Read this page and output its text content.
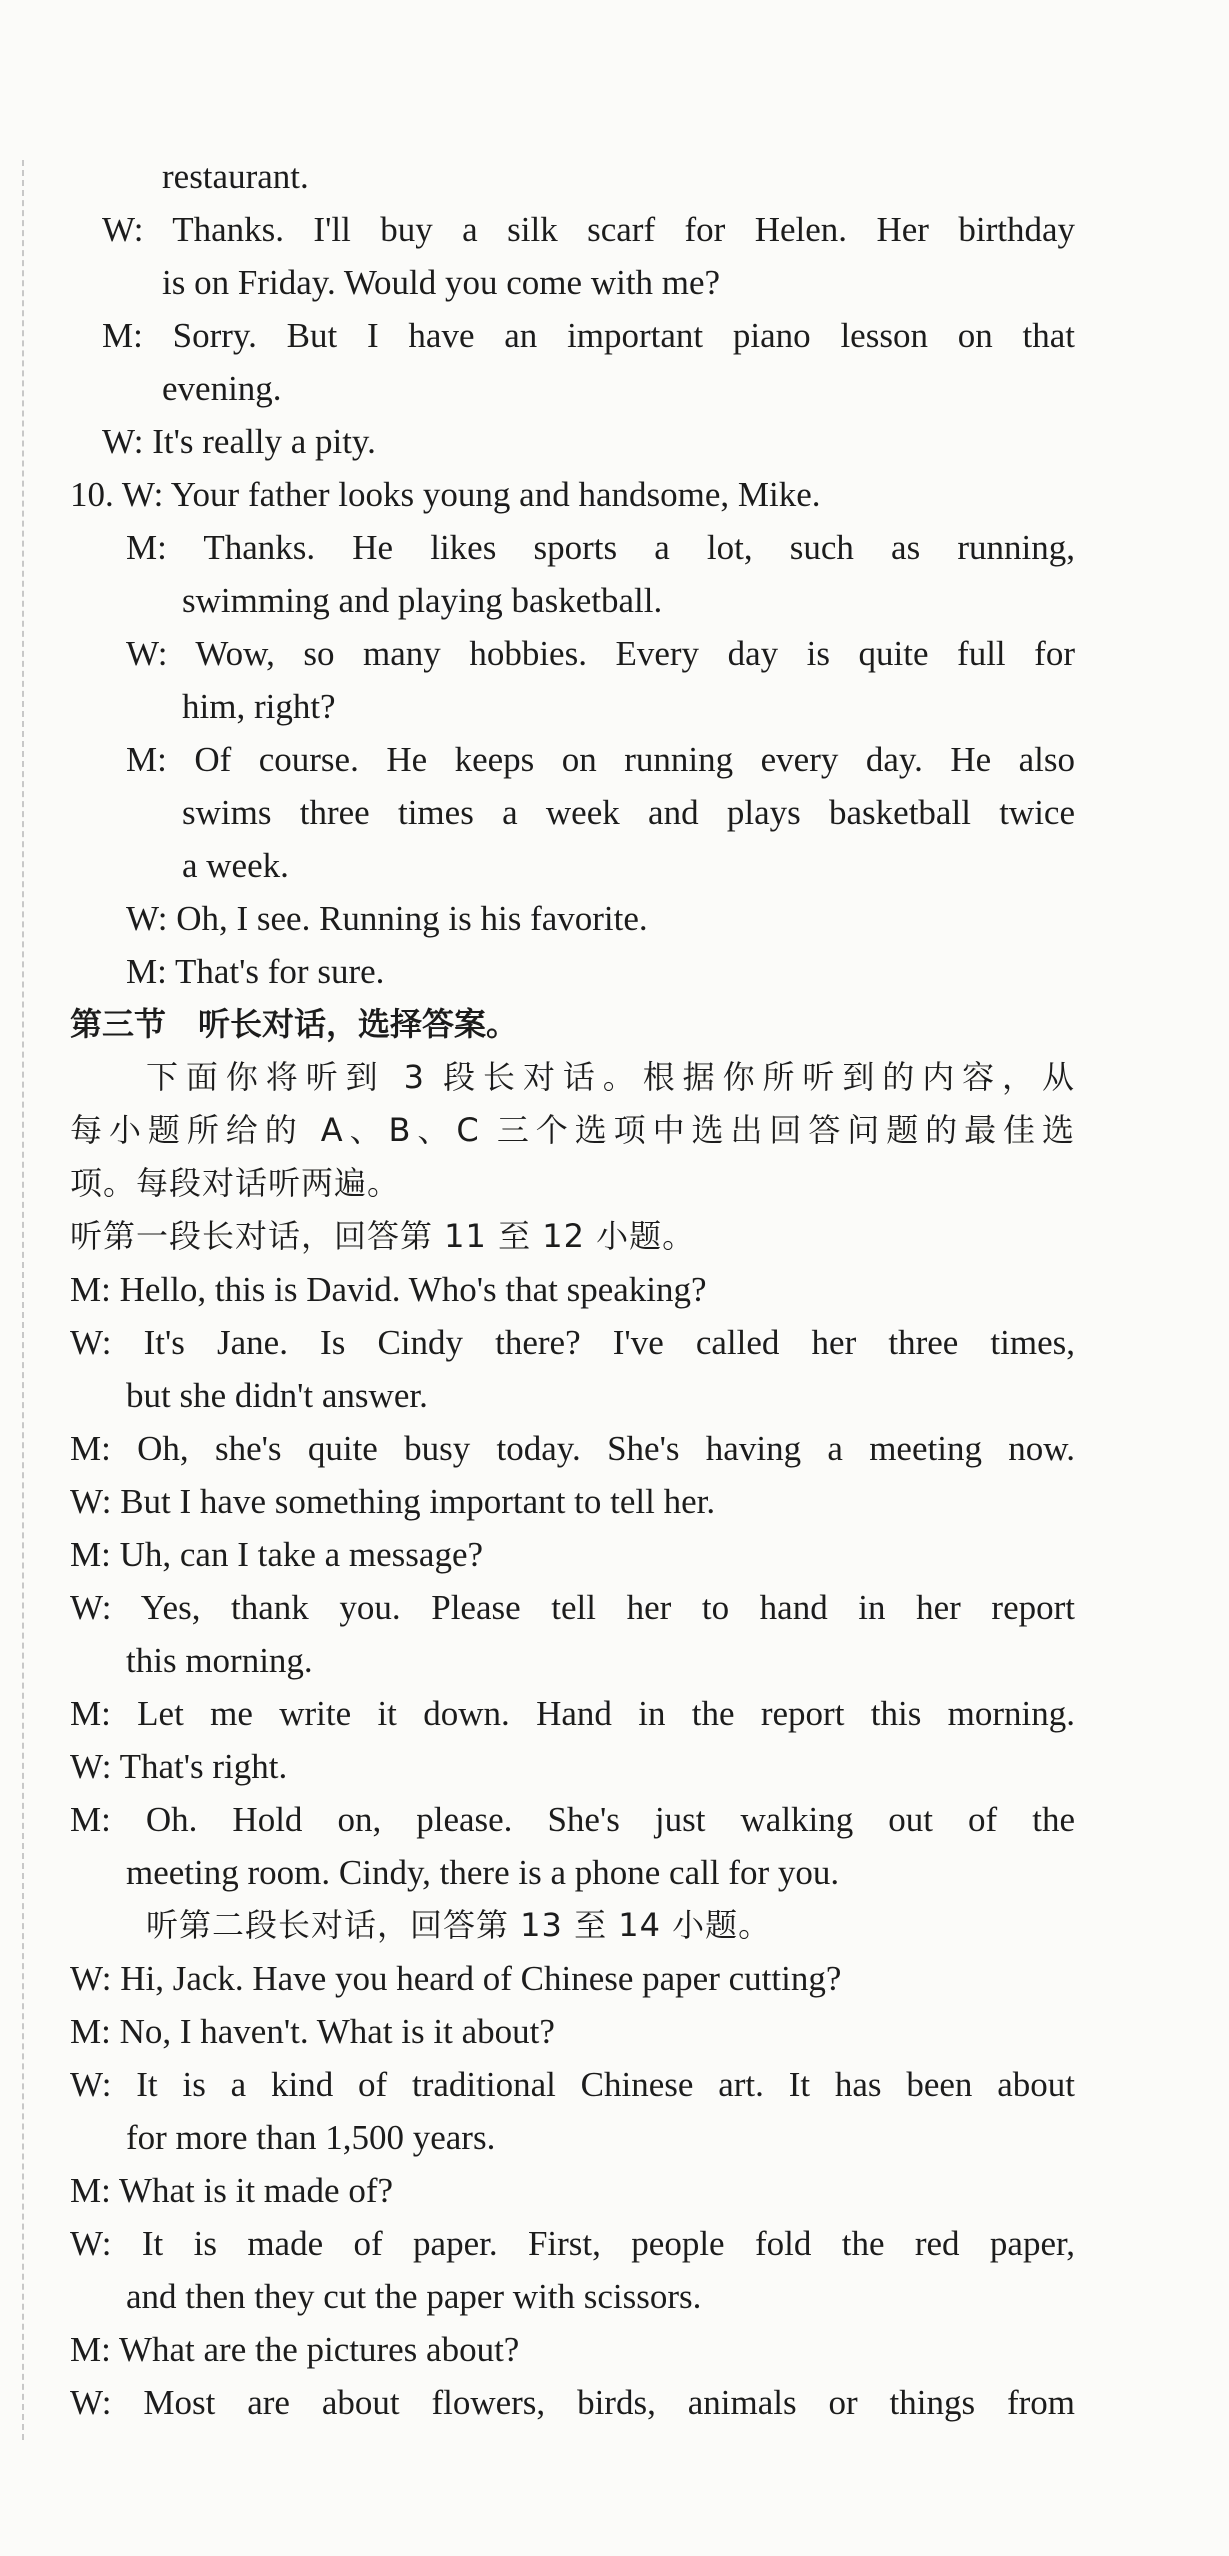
restaurant.
W: Thanks. I'll buy a silk scarf for Helen. Her birthday
is on Friday. Would you come with me?
M: Sorry. But I have an important piano lesson on that
evening.
W: It's really a pity.
10. W: Your father looks young and handsome, Mike.
M: Thanks. He likes sports a lot, such as running,
swimming and playing basketball.
W: Wow, so many hobbies. Every day is quite full for
him, right?
M: Of course. He keeps on running every day. He also
swims three times a week and plays basketball twice
a week.
W: Oh, I see. Running is his favorite.
M: That's for sure.
第三节　听长对话，选择答案。
下面你将听到 3 段长对话。根据你所听到的内容，从
每小题所给的 A、B、C 三个选项中选出回答问题的最佳选
项。每段对话听两遍。
听第一段长对话，回答第 11 至 12 小题。
M: Hello, this is David. Who's that speaking?
W: It's Jane. Is Cindy there? I've called her three times,
but she didn't answer.
M: Oh, she's quite busy today. She's having a meeting now.
W: But I have something important to tell her.
M: Uh, can I take a message?
W: Yes, thank you. Please tell her to hand in her report
this morning.
M: Let me write it down. Hand in the report this morning.
W: That's right.
M: Oh. Hold on, please. She's just walking out of the
meeting room. Cindy, there is a phone call for you.
听第二段长对话，回答第 13 至 14 小题。
W: Hi, Jack. Have you heard of Chinese paper cutting?
M: No, I haven't. What is it about?
W: It is a kind of traditional Chinese art. It has been about
for more than 1,500 years.
M: What is it made of?
W: It is made of paper. First, people fold the red paper,
and then they cut the paper with scissors.
M: What are the pictures about?
W: Most are about flowers, birds, animals or things from
